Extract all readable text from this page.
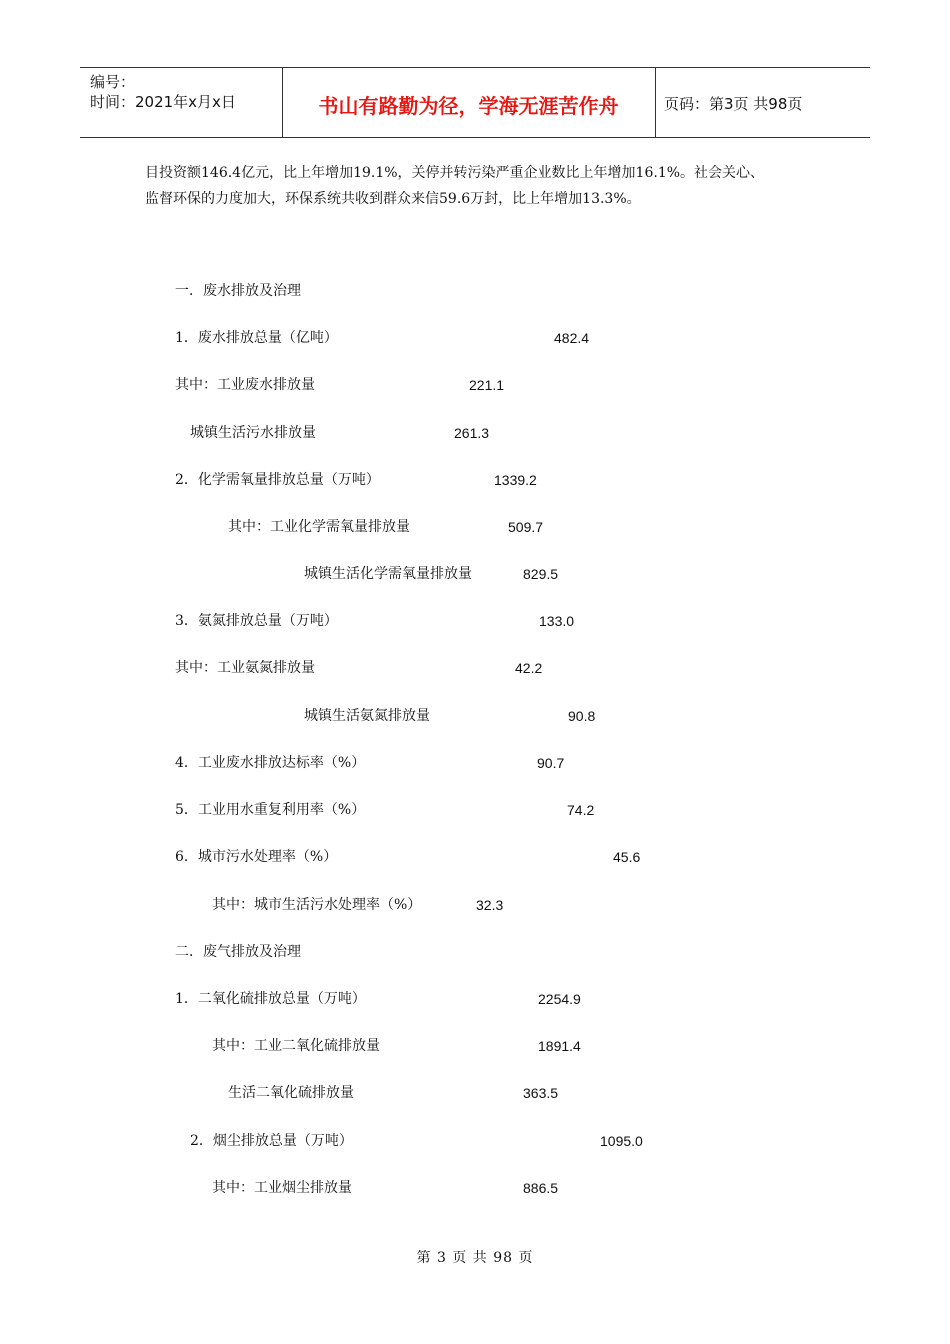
编号：
时间：2021年x月x日	书山有路勤为径，学海无涯苦作舟	页码：第3页 共98页
目投资额146.4亿元，比上年增加19.1%，关停并转污染严重企业数比上年增加16.1%。社会关心、
监督环保的力度加大，环保系统共收到群众来信59.6万封，比上年增加13.3%。
一．废水排放及治理
1．废水排放总量（亿吨）	482.4
其中：工业废水排放量	221.1
城镇生活污水排放量	261.3
2．化学需氧量排放总量（万吨）	1339.2
其中：工业化学需氧量排放量	509.7
城镇生活化学需氧量排放量	829.5
3．氨氮排放总量（万吨）	133.0
其中：工业氨氮排放量	42.2
城镇生活氨氮排放量	90.8
4．工业废水排放达标率（%）	90.7
5．工业用水重复利用率（%）	74.2
6．城市污水处理率（%）	45.6
其中：城市生活污水处理率（%）	32.3
二．废气排放及治理
1．二氧化硫排放总量（万吨）	2254.9
其中：工业二氧化硫排放量	1891.4
生活二氧化硫排放量	363.5
2．烟尘排放总量（万吨）	1095.0
其中：工业烟尘排放量	886.5
第 3 页 共 98 页
